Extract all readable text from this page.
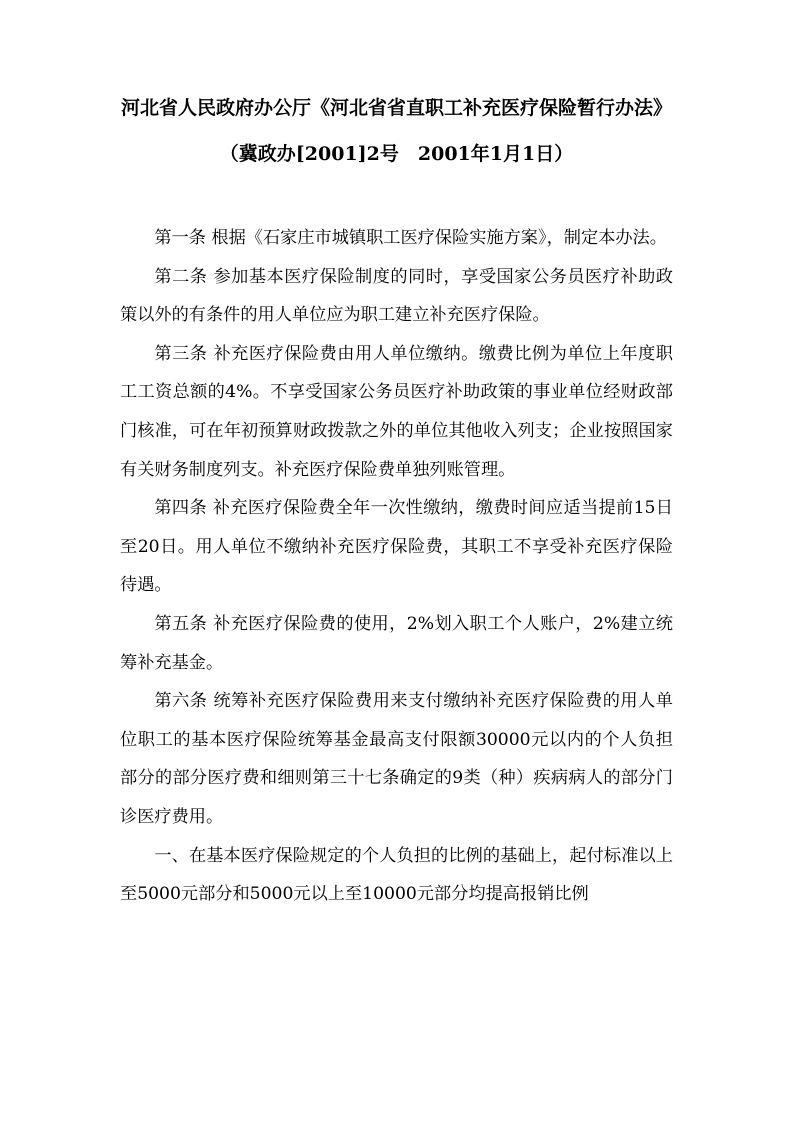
河北省人民政府办公厅《河北省省直职工补充医疗保险暂行办法》
（冀政办[2001]2号　2001年1月1日）

第一条 根据《石家庄市城镇职工医疗保险实施方案》，制定本办法。

第二条 参加基本医疗保险制度的同时，享受国家公务员医疗补助政策以外的有条件的用人单位应为职工建立补充医疗保险。

第三条 补充医疗保险费由用人单位缴纳。缴费比例为单位上年度职工工资总额的4%。不享受国家公务员医疗补助政策的事业单位经财政部门核准，可在年初预算财政拨款之外的单位其他收入列支；企业按照国家有关财务制度列支。补充医疗保险费单独列账管理。

第四条 补充医疗保险费全年一次性缴纳，缴费时间应适当提前15日至20日。用人单位不缴纳补充医疗保险费，其职工不享受补充医疗保险待遇。

第五条 补充医疗保险费的使用，2%划入职工个人账户，2%建立统筹补充基金。

第六条 统筹补充医疗保险费用来支付缴纳补充医疗保险费的用人单位职工的基本医疗保险统筹基金最高支付限额30000元以内的个人负担部分的部分医疗费和细则第三十七条确定的9类（种）疾病病人的部分门诊医疗费用。

一、在基本医疗保险规定的个人负担的比例的基础上，起付标准以上至5000元部分和5000元以上至10000元部分均提高报销比例
